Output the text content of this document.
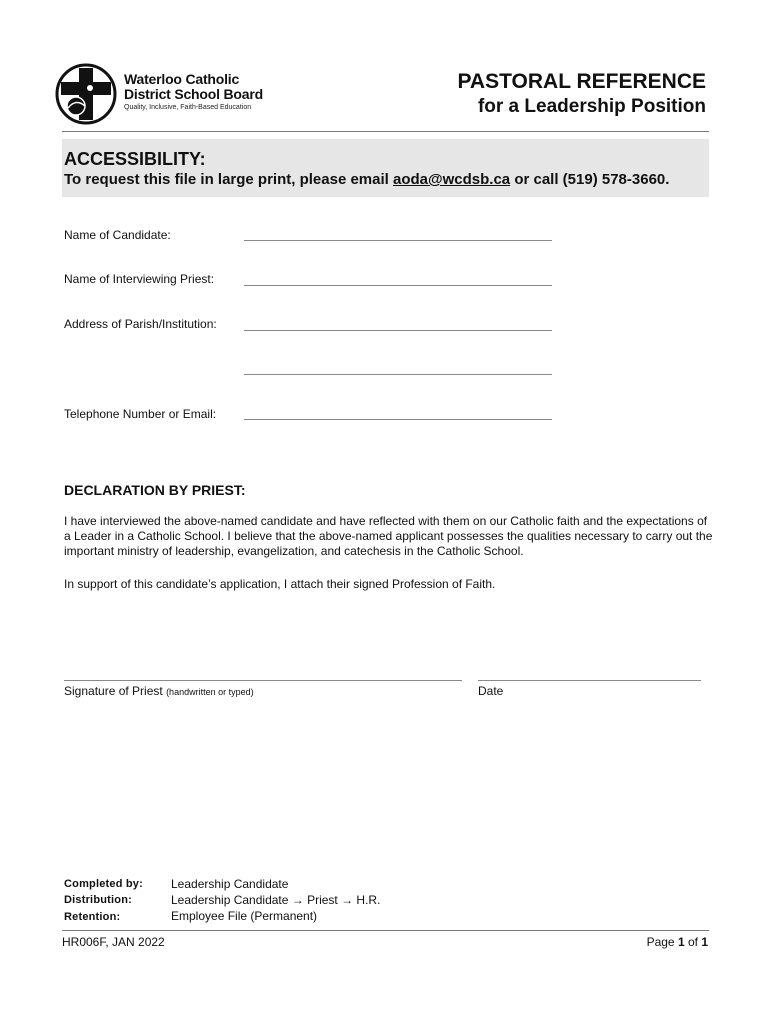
Waterloo Catholic
District School Board
Quality, Inclusive, Faith-Based Education
PASTORAL REFERENCE
for a Leadership Position
ACCESSIBILITY:
To request this file in large print, please email aoda@wcdsb.ca or call (519) 578-3660.
Name of Candidate:
Name of Interviewing Priest:
Address of Parish/Institution:
Telephone Number or Email:
DECLARATION BY PRIEST:
I have interviewed the above-named candidate and have reflected with them on our Catholic faith and the expectations of a Leader in a Catholic School. I believe that the above-named applicant possesses the qualities necessary to carry out the important ministry of leadership, evangelization, and catechesis in the Catholic School.
In support of this candidate’s application, I attach their signed Profession of Faith.
Signature of Priest (handwritten or typed)	Date
Completed by: Leadership Candidate
Distribution:	Leadership Candidate → Priest → H.R.
Retention:	Employee File (Permanent)
HR006F, JAN 2022	Page 1 of 1
